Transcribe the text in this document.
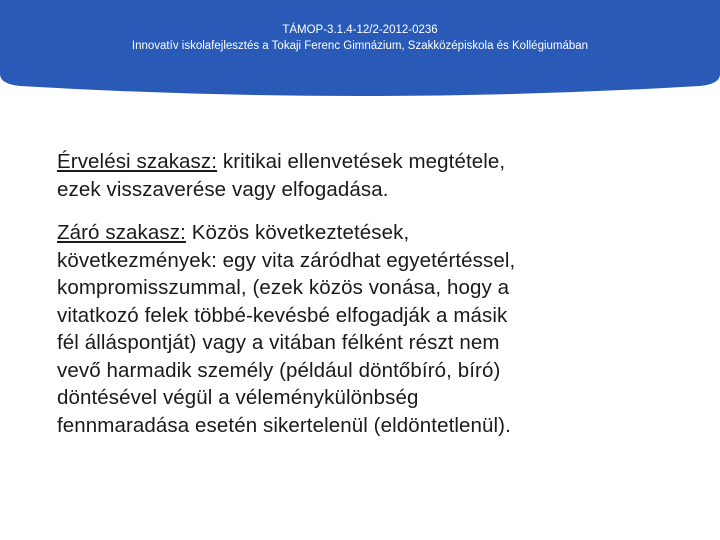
TÁMOP-3.1.4-12/2-2012-0236
Innovatív iskolafejlesztés a Tokaji Ferenc Gimnázium, Szakközépiskola és Kollégiumában
Érvelési szakasz: kritikai ellenvetések megtétele,
ezek visszaverése vagy elfogadása.
Záró szakasz: Közös következtetések,
következmények: egy vita záródhat egyetértéssel,
kompromisszummal, (ezek közös vonása, hogy a
vitatkozó felek többé-kevésbé elfogadják a másik
fél álláspontját) vagy a vitában félként részt nem
vevő harmadik személy (például döntőbíró, bíró)
döntésével végül a véleménykülönbség
fennmaradása esetén sikertelenül (eldöntetlenül).
